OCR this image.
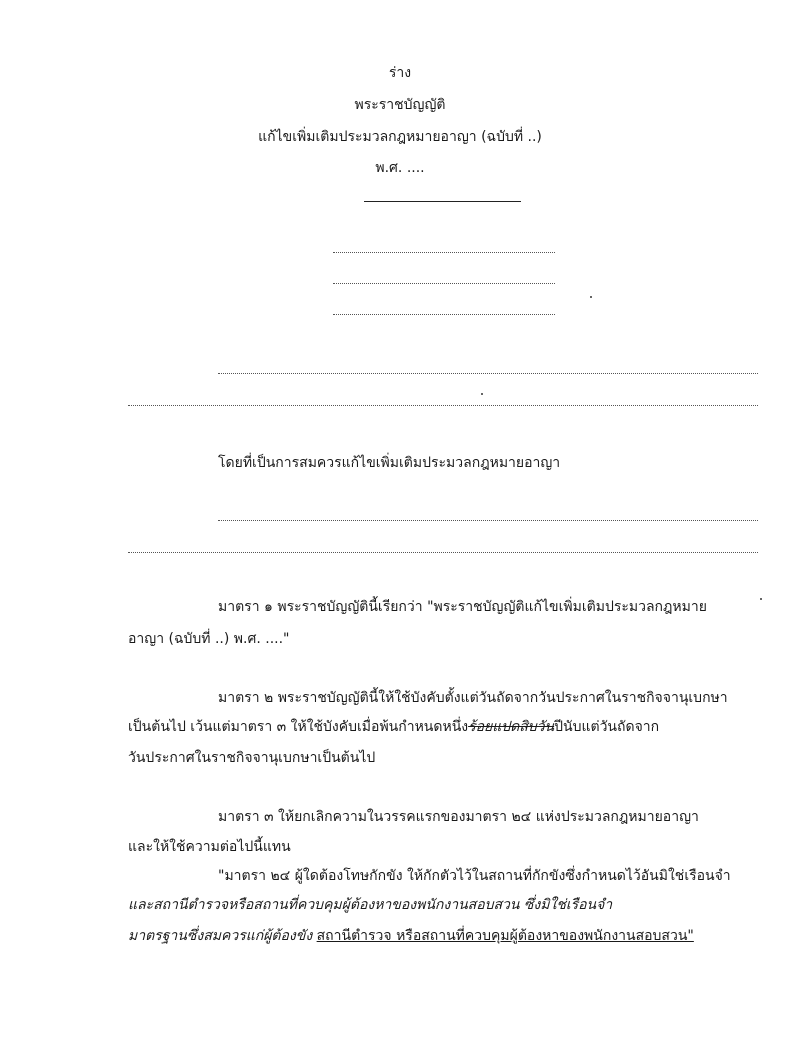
ร่าง
พระราชบัญญัติ
แก้ไขเพิ่มเติมประมวลกฎหมายอาญา (ฉบับที่ ..)
พ.ศ. ....
โดยที่เป็นการสมควรแก้ไขเพิ่มเติมประมวลกฎหมายอาญา
มาตรา ๑ พระราชบัญญัตินี้เรียกว่า "พระราชบัญญัติแก้ไขเพิ่มเติมประมวลกฎหมาย
อาญา (ฉบับที่ ..) พ.ศ. ...."
มาตรา ๒ พระราชบัญญัตินี้ให้ใช้บังคับตั้งแต่วันถัดจากวันประกาศในราชกิจจานุเบกษา
เป็นต้นไป เว้นแต่มาตรา ๓ ให้ใช้บังคับเมื่อพ้นกำหนดหนึ่งร้อยแปดสิบวันปีนับแต่วันถัดจาก
วันประกาศในราชกิจจานุเบกษาเป็นต้นไป
มาตรา ๓ ให้ยกเลิกความในวรรคแรกของมาตรา ๒๔ แห่งประมวลกฎหมายอาญา
และให้ใช้ความต่อไปนี้แทน
"มาตรา ๒๔ ผู้ใดต้องโทษกักขัง ให้กักตัวไว้ในสถานที่กักขังซึ่งกำหนดไว้อันมิใช่เรือนจำ
และสถานีตำรวจหรือสถานที่ควบคุมผู้ต้องหาของพนักงานสอบสวน ซึ่งมิใช่เรือนจำ
มาตรฐานซึ่งสมควรแก่ผู้ต้องขัง สถานีตำรวจ หรือสถานที่ควบคุมผู้ต้องหาของพนักงานสอบสวน"
